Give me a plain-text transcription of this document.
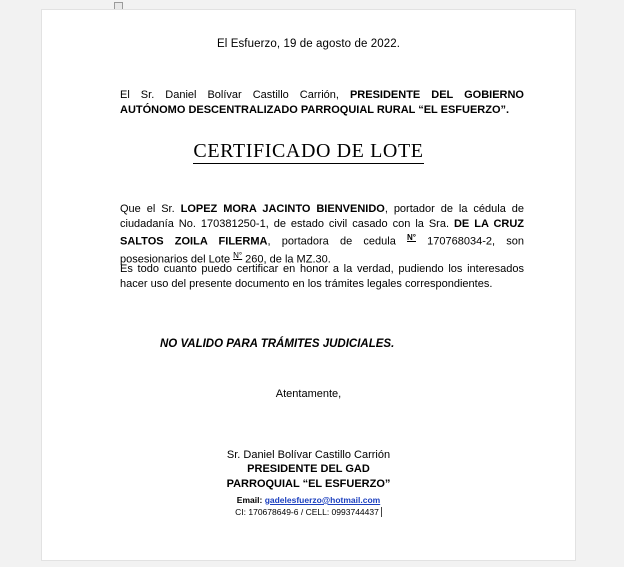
El Esfuerzo, 19 de agosto de 2022.
El Sr. Daniel Bolívar Castillo Carrión, PRESIDENTE DEL GOBIERNO AUTÓNOMO DESCENTRALIZADO PARROQUIAL RURAL “EL ESFUERZO”.
CERTIFICADO DE LOTE
Que el Sr. LOPEZ MORA JACINTO BIENVENIDO, portador de la cédula de ciudadanía No. 170381250-1, de estado civil casado con la Sra. DE LA CRUZ SALTOS ZOILA FILERMA, portadora de cedula $^{N^\circ}$ 170768034-2, son posesionarios del Lote $^{N^\circ}$ 260, de la MZ.30.
Es todo cuanto puedo certificar en honor a la verdad, pudiendo los interesados hacer uso del presente documento en los trámites legales correspondientes.
NO VALIDO PARA TRÁMITES JUDICIALES.
Atentamente,
Sr. Daniel Bolívar Castillo Carrión
PRESIDENTE DEL GAD
PARROQUIAL “EL ESFUERZO”
Email: gadelesfuerzo@hotmail.com
CI: 170678649-6 / CELL: 0993744437
